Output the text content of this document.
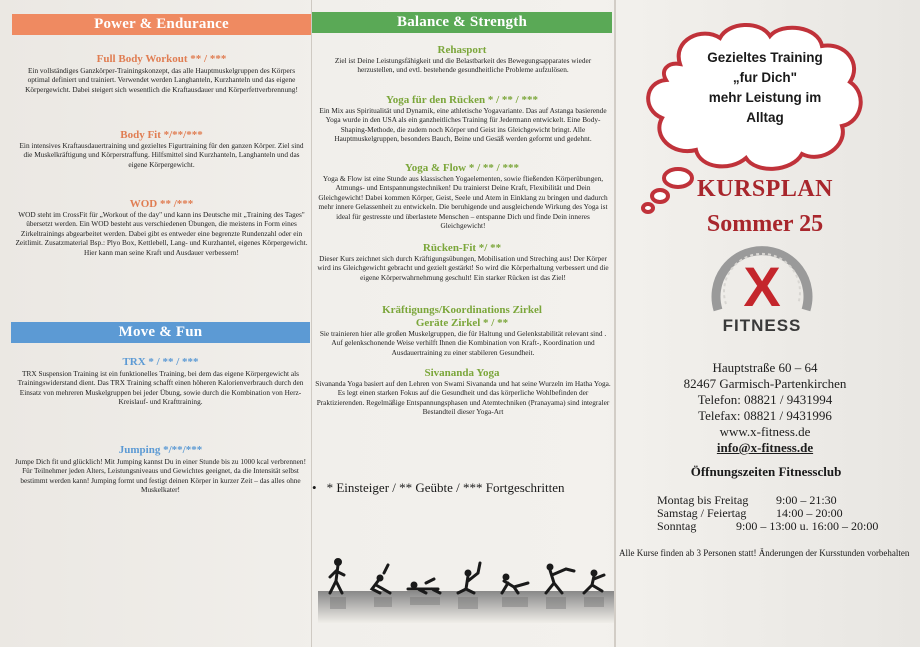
Power & Endurance
Full Body Workout ** / ***
Ein vollständiges Ganzkörper-Trainingskonzept, das alle Hauptmuskelgruppen des Körpers optimal definiert und trainiert. Verwendet werden Langhanteln, Kurzhanteln und das eigene Körpergewicht. Dabei steigert sich wesentlich die Kraftausdauer und Körperfettverbrennung!
Body Fit */**/***
Ein intensives Kraftausdauertraining und gezieltes Figurtraining für den ganzen Körper. Ziel sind die Muskelkräftigung und Körperstraffung. Hilfsmittel sind Kurzhanteln, Langhanteln und das eigene Körpergewicht.
WOD ** /***
WOD steht im CrossFit für „Workout of the day" und kann ins Deutsche mit „Training des Tages" übersetzt werden. Ein WOD besteht aus verschiedenen Übungen, die meistens in Form eines Zirkeltrainings abgearbeitet werden. Dabei gibt es entweder eine begrenzte Rundenzahl oder ein Zeitlimit. Zusatzmaterial Bsp.: Plyo Box, Kettlebell, Lang- und Kurzhantel, eigenes Körpergewicht. Hier kann man seine Kraft und Ausdauer verbessern!
Move & Fun
TRX * / ** / ***
TRX Suspension Training ist ein funktionelles Training, bei dem das eigene Körpergewicht als Trainingswiderstand dient. Das TRX Training schafft einen höheren Kalorienverbrauch durch den Einsatz von mehreren Muskelgruppen bei jeder Übung, sowie durch die Kombination von Herz-Kreislauf- und Krafttraining.
Jumping */**/***
Jumpe Dich fit und glücklich! Mit Jumping kannst Du in einer Stunde bis zu 1000 kcal verbrennen! Für Teilnehmer jeden Alters, Leistungsniveaus und Gewichtes geeignet, da die Intensität selbst bestimmt werden kann! Jumping formt und festigt deinen Körper in kurzer Zeit – das alles ohne Muskelkater!
Balance & Strength
Rehasport
Ziel ist Deine Leistungsfähigkeit und die Belastbarkeit des Bewegungsapparates wieder herzustellen, und evtl. bestehende gesundheitliche Probleme aufzulösen.
Yoga für den Rücken * / ** / ***
Ein Mix aus Spiritualität und Dynamik, eine athletische Yogavariante. Das auf Astanga basierende Yoga wurde in den USA als ein ganzheitliches Training für Jedermann entwickelt. Eine Body-Shaping-Methode, die zudem noch Körper und Geist ins Gleichgewicht bringt. Alle Hauptmuskelgruppen, besonders Bauch, Beine und Gesäß werden geformt und gedehnt.
Yoga & Flow * / ** / ***
Yoga & Flow ist eine Stunde aus klassischen Yogaelementen, sowie fließenden Körperübungen, Atmungs- und Entspannungstechniken! Du trainierst Deine Kraft, Flexibilität und Dein Gleichgewicht! Dabei kommen Körper, Geist, Seele und Atem in Einklang zu bringen und dadurch mehr innere Gelassenheit zu entwickeln. Die beruhigende und ausgleichende Wirkung des Yoga ist ideal für gestresste und überlastete Menschen – entspanne Dich und finde Dein inneres Gleichgewicht!
Rücken-Fit */ **
Dieser Kurs zeichnet sich durch Kräftigungsübungen, Mobilisation und Streching aus! Der Körper wird ins Gleichgewicht gebracht und gezielt gestärkt! So wird die Körperhaltung verbessert und die eigene Körperwahrnehmung geschult! Ein starker Rücken ist das Ziel!
Kräftigungs/Koordinations Zirkel
Geräte Zirkel * / **
Sie trainieren hier alle großen Muskelgruppen, die für Haltung und Gelenkstabilität relevant sind . Auf gelenkschonende Weise verhilft Ihnen die Kombination von Kraft-, Koordination und Ausdauertraining zu einer stabileren Gesundheit.
Sivananda Yoga
Sivananda Yoga basiert auf den Lehren von Swami Sivananda und hat seine Wurzeln im Hatha Yoga. Es legt einen starken Fokus auf die Gesundheit und das körperliche Wohlbefinden der Praktizierenden. Regelmäßige Entspannungsphasen und Atemtechniken (Pranayama) sind integraler Bestandteil dieser Yoga-Art
• * Einsteiger / ** Geübte / *** Fortgeschritten
Gezieltes Training
„fur Dich"
mehr Leistung im
Alltag
KURSPLAN
Sommer 25
X
FITNESS
Hauptstraße 60 – 64
82467 Garmisch-Partenkirchen
Telefon: 08821 / 9431994
Telefax: 08821 / 9431996
www.x-fitness.de
info@x-fitness.de
Öffnungszeiten Fitnessclub
Montag bis Freitag 9:00 – 21:30
Samstag / Feiertag 14:00 – 20:00
Sonntag	9:00 – 13:00 u. 16:00 – 20:00
Alle Kurse finden ab 3 Personen statt! Änderungen der Kursstunden vorbehalten
